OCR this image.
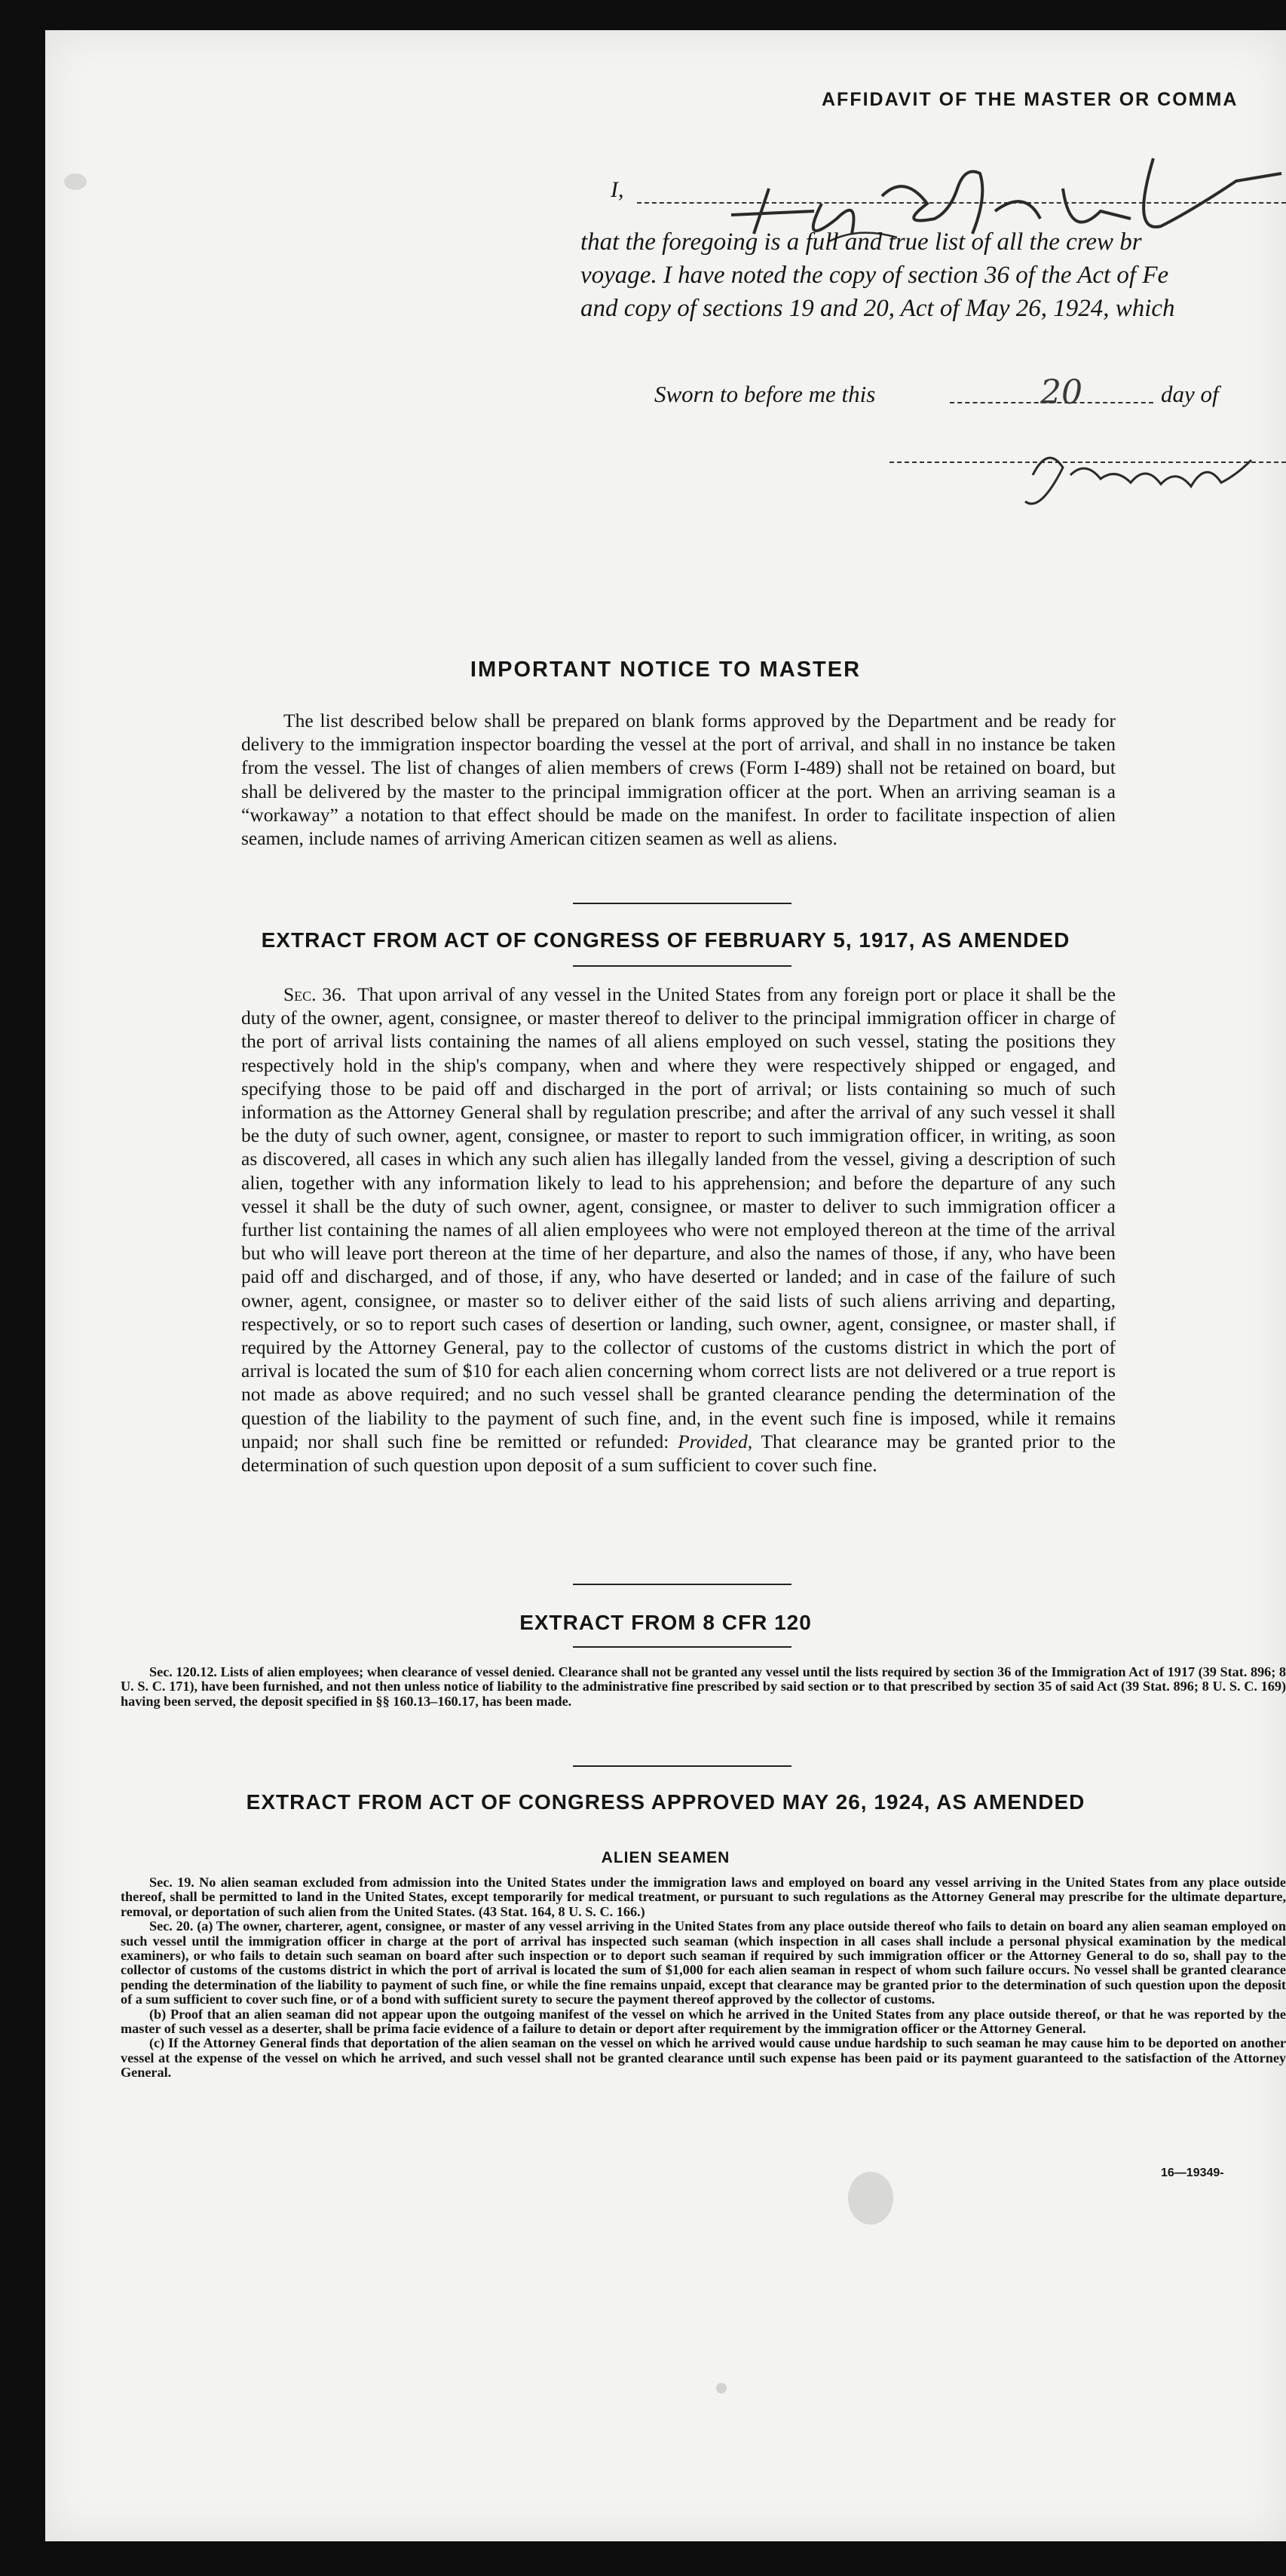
AFFIDAVIT OF THE MASTER OR COMMA
I,
that the foregoing is a full and true list of all the crew br
voyage. I have noted the copy of section 36 of the Act of Fe
and copy of sections 19 and 20, Act of May 26, 1924, which
Sworn to before me this	20	day of
IMPORTANT NOTICE TO MASTER

The list described below shall be prepared on blank forms approved by the Department and be ready for delivery to the immigration inspector boarding the vessel at the port of arrival, and shall in no instance be taken from the vessel. The list of changes of alien members of crews (Form I-489) shall not be retained on board, but shall be delivered by the master to the principal immigration officer at the port. When an arriving seaman is a “workaway” a notation to that effect should be made on the manifest. In order to facilitate inspection of alien seamen, include names of arriving American citizen seamen as well as aliens.

EXTRACT FROM ACT OF CONGRESS OF FEBRUARY 5, 1917, AS AMENDED

Sec. 36. That upon arrival of any vessel in the United States from any foreign port or place it shall be the duty of the owner, agent, consignee, or master thereof to deliver to the principal immigration officer in charge of the port of arrival lists containing the names of all aliens employed on such vessel, stating the positions they respectively hold in the ship's company, when and where they were respectively shipped or engaged, and specifying those to be paid off and discharged in the port of arrival; or lists containing so much of such information as the Attorney General shall by regulation prescribe; and after the arrival of any such vessel it shall be the duty of such owner, agent, consignee, or master to report to such immigration officer, in writing, as soon as discovered, all cases in which any such alien has illegally landed from the vessel, giving a description of such alien, together with any information likely to lead to his apprehension; and before the departure of any such vessel it shall be the duty of such owner, agent, consignee, or master to deliver to such immigration officer a further list containing the names of all alien employees who were not employed thereon at the time of the arrival but who will leave port thereon at the time of her departure, and also the names of those, if any, who have been paid off and discharged, and of those, if any, who have deserted or landed; and in case of the failure of such owner, agent, consignee, or master so to deliver either of the said lists of such aliens arriving and departing, respectively, or so to report such cases of desertion or landing, such owner, agent, consignee, or master shall, if required by the Attorney General, pay to the collector of customs of the customs district in which the port of arrival is located the sum of $10 for each alien concerning whom correct lists are not delivered or a true report is not made as above required; and no such vessel shall be granted clearance pending the determination of the question of the liability to the payment of such fine, and, in the event such fine is imposed, while it remains unpaid; nor shall such fine be remitted or refunded: Provided, That clearance may be granted prior to the determination of such question upon deposit of a sum sufficient to cover such fine.

EXTRACT FROM 8 CFR 120

Sec. 120.12. Lists of alien employees; when clearance of vessel denied. Clearance shall not be granted any vessel until the lists required by section 36 of the Immigration Act of 1917 (39 Stat. 896; 8 U. S. C. 171), have been furnished, and not then unless notice of liability to the administrative fine prescribed by said section or to that prescribed by section 35 of said Act (39 Stat. 896; 8 U. S. C. 169) having been served, the deposit specified in §§ 160.13–160.17, has been made.

EXTRACT FROM ACT OF CONGRESS APPROVED MAY 26, 1924, AS AMENDED
ALIEN SEAMEN

Sec. 19. No alien seaman excluded from admission into the United States under the immigration laws and employed on board any vessel arriving in the United States from any place outside thereof, shall be permitted to land in the United States, except temporarily for medical treatment, or pursuant to such regulations as the Attorney General may prescribe for the ultimate departure, removal, or deportation of such alien from the United States. (43 Stat. 164, 8 U. S. C. 166.)

Sec. 20. (a) The owner, charterer, agent, consignee, or master of any vessel arriving in the United States from any place outside thereof who fails to detain on board any alien seaman employed on such vessel until the immigration officer in charge at the port of arrival has inspected such seaman (which inspection in all cases shall include a personal physical examination by the medical examiners), or who fails to detain such seaman on board after such inspection or to deport such seaman if required by such immigration officer or the Attorney General to do so, shall pay to the collector of customs of the customs district in which the port of arrival is located the sum of $1,000 for each alien seaman in respect of whom such failure occurs. No vessel shall be granted clearance pending the determination of the liability to payment of such fine, or while the fine remains unpaid, except that clearance may be granted prior to the determination of such question upon the deposit of a sum sufficient to cover such fine, or of a bond with sufficient surety to secure the payment thereof approved by the collector of customs.

(b) Proof that an alien seaman did not appear upon the outgoing manifest of the vessel on which he arrived in the United States from any place outside thereof, or that he was reported by the master of such vessel as a deserter, shall be prima facie evidence of a failure to detain or deport after requirement by the immigration officer or the Attorney General.

(c) If the Attorney General finds that deportation of the alien seaman on the vessel on which he arrived would cause undue hardship to such seaman he may cause him to be deported on another vessel at the expense of the vessel on which he arrived, and such vessel shall not be granted clearance until such expense has been paid or its payment guaranteed to the satisfaction of the Attorney General.

16—19349-
